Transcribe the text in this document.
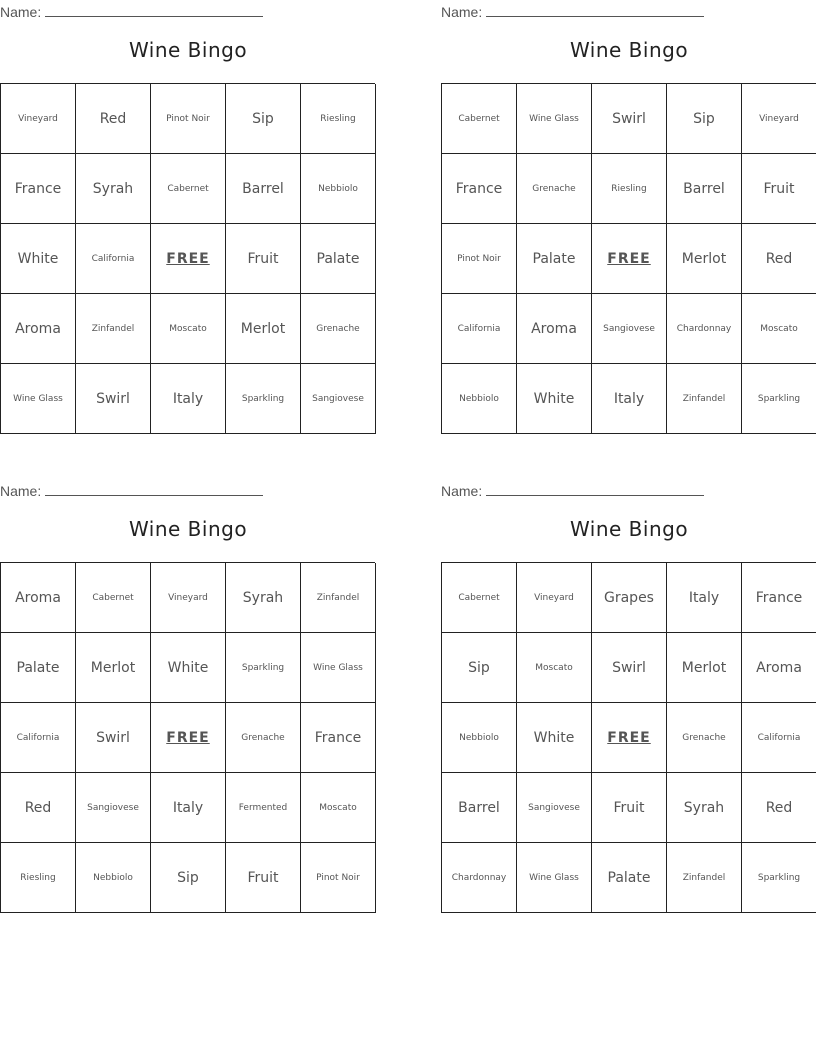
Name:
Wine Bingo
Vineyard	Red	Pinot Noir	Sip	Riesling
France	Syrah	Cabernet	Barrel	Nebbiolo
White	California	FREE	Fruit	Palate
Aroma	Zinfandel	Moscato	Merlot	Grenache
Wine Glass	Swirl	Italy	Sparkling	Sangiovese
Name:
Wine Bingo
Cabernet	Wine Glass	Swirl	Sip	Vineyard
France	Grenache	Riesling	Barrel	Fruit
Pinot Noir	Palate	FREE	Merlot	Red
California	Aroma	Sangiovese	Chardonnay	Moscato
Nebbiolo	White	Italy	Zinfandel	Sparkling
Name:
Wine Bingo
Aroma	Cabernet	Vineyard	Syrah	Zinfandel
Palate	Merlot	White	Sparkling	Wine Glass
California	Swirl	FREE	Grenache	France
Red	Sangiovese	Italy	Fermented	Moscato
Riesling	Nebbiolo	Sip	Fruit	Pinot Noir
Name:
Wine Bingo
Cabernet	Vineyard	Grapes	Italy	France
Sip	Moscato	Swirl	Merlot	Aroma
Nebbiolo	White	FREE	Grenache	California
Barrel	Sangiovese	Fruit	Syrah	Red
Chardonnay	Wine Glass	Palate	Zinfandel	Sparkling
